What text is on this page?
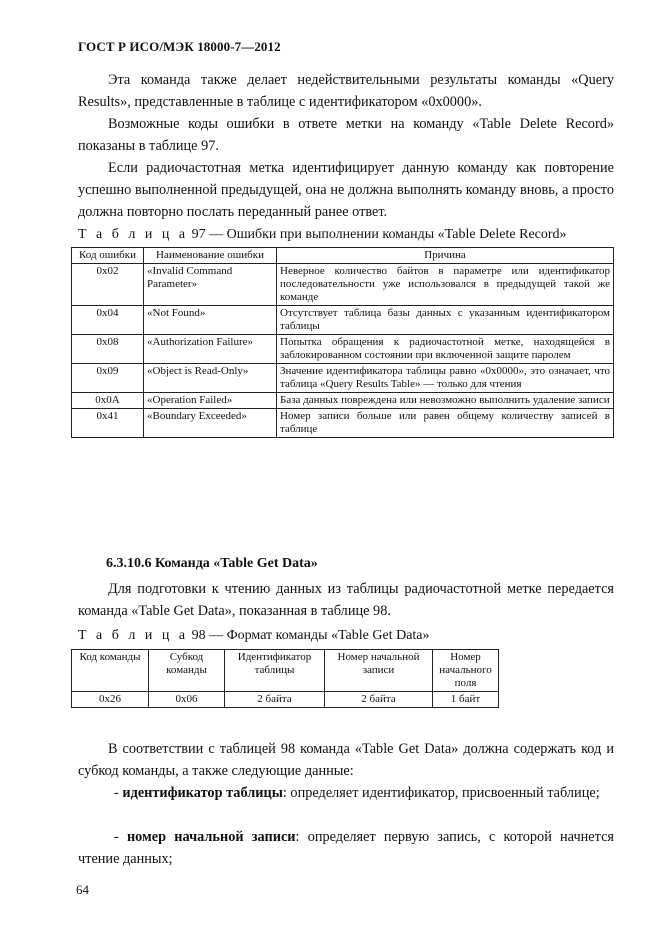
ГОСТ Р ИСО/МЭК 18000-7—2012
Эта команда также делает недействительными результаты команды «Query Results», представленные в таблице с идентификатором «0x0000».
Возможные коды ошибки в ответе метки на команду «Table Delete Record» показаны в таблице 97.
Если радиочастотная метка идентифицирует данную команду как повторение успешно выполненной предыдущей, она не должна выполнять команду вновь, а просто должна повторно послать переданный ранее ответ.
Т а б л и ц а 97 — Ошибки при выполнении команды «Table Delete Record»
Код ошибки	Наименование ошибки	Причина
0x02	«Invalid Command Parameter»	Неверное количество байтов в параметре или идентификатор последовательности уже использовался в предыдущей такой же команде
0x04	«Not Found»	Отсутствует таблица базы данных с указанным идентификатором таблицы
0x08	«Authorization Failure»	Попытка обращения к радиочастотной метке, находящейся в заблокированном состоянии при включенной защите паролем
0x09	«Object is Read-Only»	Значение идентификатора таблицы равно «0x0000», это означает, что таблица «Query Results Table» — только для чтения
0x0A	«Operation Failed»	База данных повреждена или невозможно выполнить удаление записи
0x41	«Boundary Exceeded»	Номер записи больше или равен общему количеству записей в таблице
6.3.10.6 Команда «Table Get Data»
Для подготовки к чтению данных из таблицы радиочастотной метке передается команда «Table Get Data», показанная в таблице 98.
Т а б л и ц а 98 — Формат команды «Table Get Data»
Код команды	Субкод команды	Идентификатор таблицы	Номер начальной записи	Номер начального поля
0x26	0x06	2 байта	2 байта	1 байт
В соответствии с таблицей 98 команда «Table Get Data» должна содержать код и субкод команды, а также следующие данные:
- идентификатор таблицы: определяет идентификатор, присвоенный таблице;
- номер начальной записи: определяет первую запись, с которой начнется чтение данных;
64
